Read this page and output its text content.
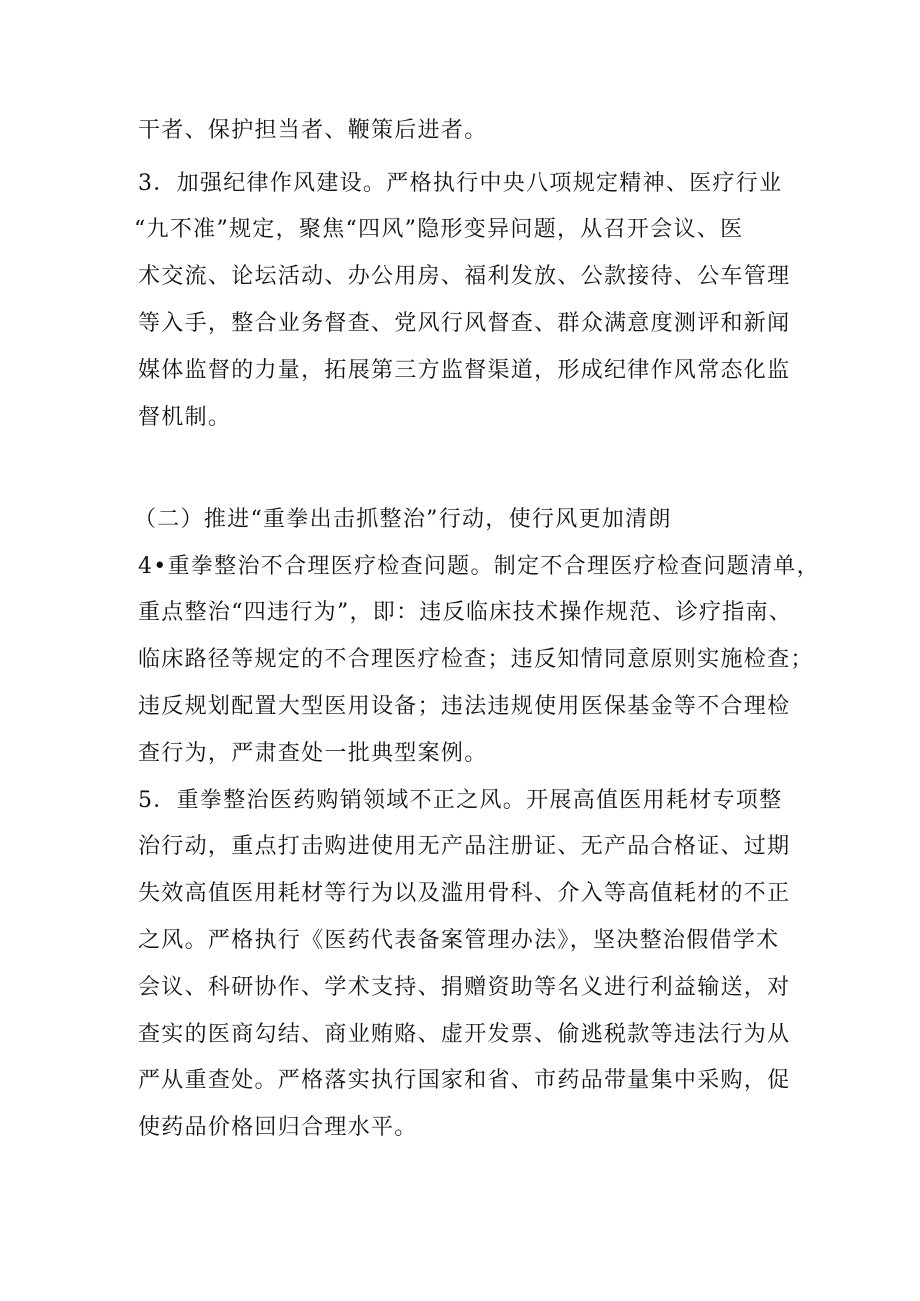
干者、保护担当者、鞭策后进者。
3．加强纪律作风建设。严格执行中央八项规定精神、医疗行业
“九不准”规定，聚焦“四风”隐形变异问题，从召开会议、医
术交流、论坛活动、办公用房、福利发放、公款接待、公车管理
等入手，整合业务督查、党风行风督查、群众满意度测评和新闻
媒体监督的力量，拓展第三方监督渠道，形成纪律作风常态化监
督机制。
（二）推进“重拳出击抓整治”行动，使行风更加清朗
4•重拳整治不合理医疗检查问题。制定不合理医疗检查问题清单，
重点整治“四违行为”，即：违反临床技术操作规范、诊疗指南、
临床路径等规定的不合理医疗检查；违反知情同意原则实施检查；
违反规划配置大型医用设备；违法违规使用医保基金等不合理检
查行为，严肃查处一批典型案例。
5．重拳整治医药购销领域不正之风。开展高值医用耗材专项整
治行动，重点打击购进使用无产品注册证、无产品合格证、过期
失效高值医用耗材等行为以及滥用骨科、介入等高值耗材的不正
之风。严格执行《医药代表备案管理办法》，坚决整治假借学术
会议、科研协作、学术支持、捐赠资助等名义进行利益输送，对
查实的医商勾结、商业贿赂、虚开发票、偷逃税款等违法行为从
严从重查处。严格落实执行国家和省、市药品带量集中采购，促
使药品价格回归合理水平。
